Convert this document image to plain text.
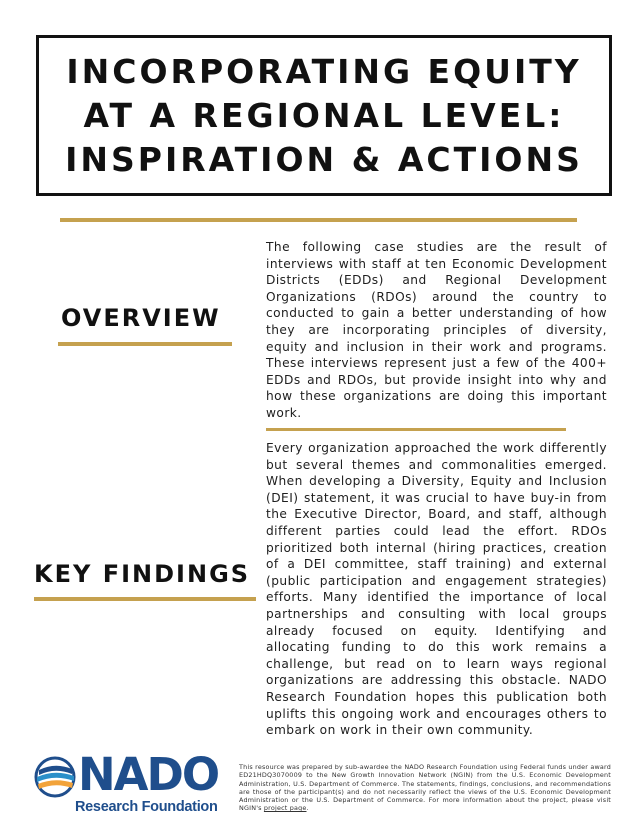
INCORPORATING EQUITY
AT A REGIONAL LEVEL:
INSPIRATION & ACTIONS
OVERVIEW

The following case studies are the result of interviews with staff at ten Economic Development Districts (EDDs) and Regional Development Organizations (RDOs) around the country to conducted to gain a better understanding of how they are incorporating principles of diversity, equity and inclusion in their work and programs. These interviews represent just a few of the 400+ EDDs and RDOs, but provide insight into why and how these organizations are doing this important work.

KEY FINDINGS

Every organization approached the work differently but several themes and commonalities emerged. When developing a Diversity, Equity and Inclusion (DEI) statement, it was crucial to have buy-in from the Executive Director, Board, and staff, although different parties could lead the effort. RDOs prioritized both internal (hiring practices, creation of a DEI committee, staff training) and external (public participation and engagement strategies) efforts. Many identified the importance of local partnerships and consulting with local groups already focused on equity. Identifying and allocating funding to do this work remains a challenge, but read on to learn ways regional organizations are addressing this obstacle. NADO Research Foundation hopes this publication both uplifts this ongoing work and encourages others to embark on work in their own community.

NADO
Research Foundation

This resource was prepared by sub-awardee the NADO Research Foundation using Federal funds under award ED21HDQ3070009 to the New Growth Innovation Network (NGIN) from the U.S. Economic Development Administration, U.S. Department of Commerce. The statements, findings, conclusions, and recommendations are those of the participant(s) and do not necessarily reflect the views of the U.S. Economic Development Administration or the U.S. Department of Commerce. For more information about the project, please visit NGIN's project page.
